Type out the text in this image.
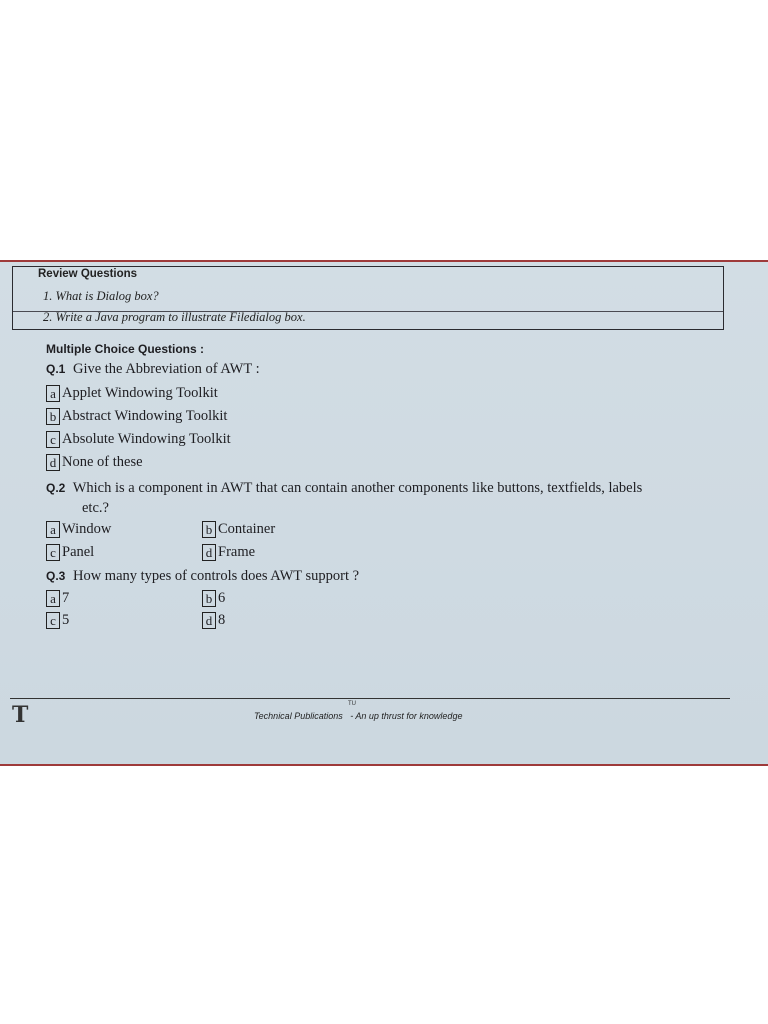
Review Questions
1. What is Dialog box?
2. Write a Java program to illustrate Filedialog box.
Multiple Choice Questions :
Q.1 Give the Abbreviation of AWT :
a Applet Windowing Toolkit
b Abstract Windowing Toolkit
c Absolute Windowing Toolkit
d None of these
Q.2 Which is a component in AWT that can contain another components like buttons, textfields, labels
etc.?
a Window	b Container
c Panel	d Frame
Q.3 How many types of controls does AWT support ?
a 7	b 6
c 5	d 8
T	TU
Technical Publications   - An up thrust for knowledge
